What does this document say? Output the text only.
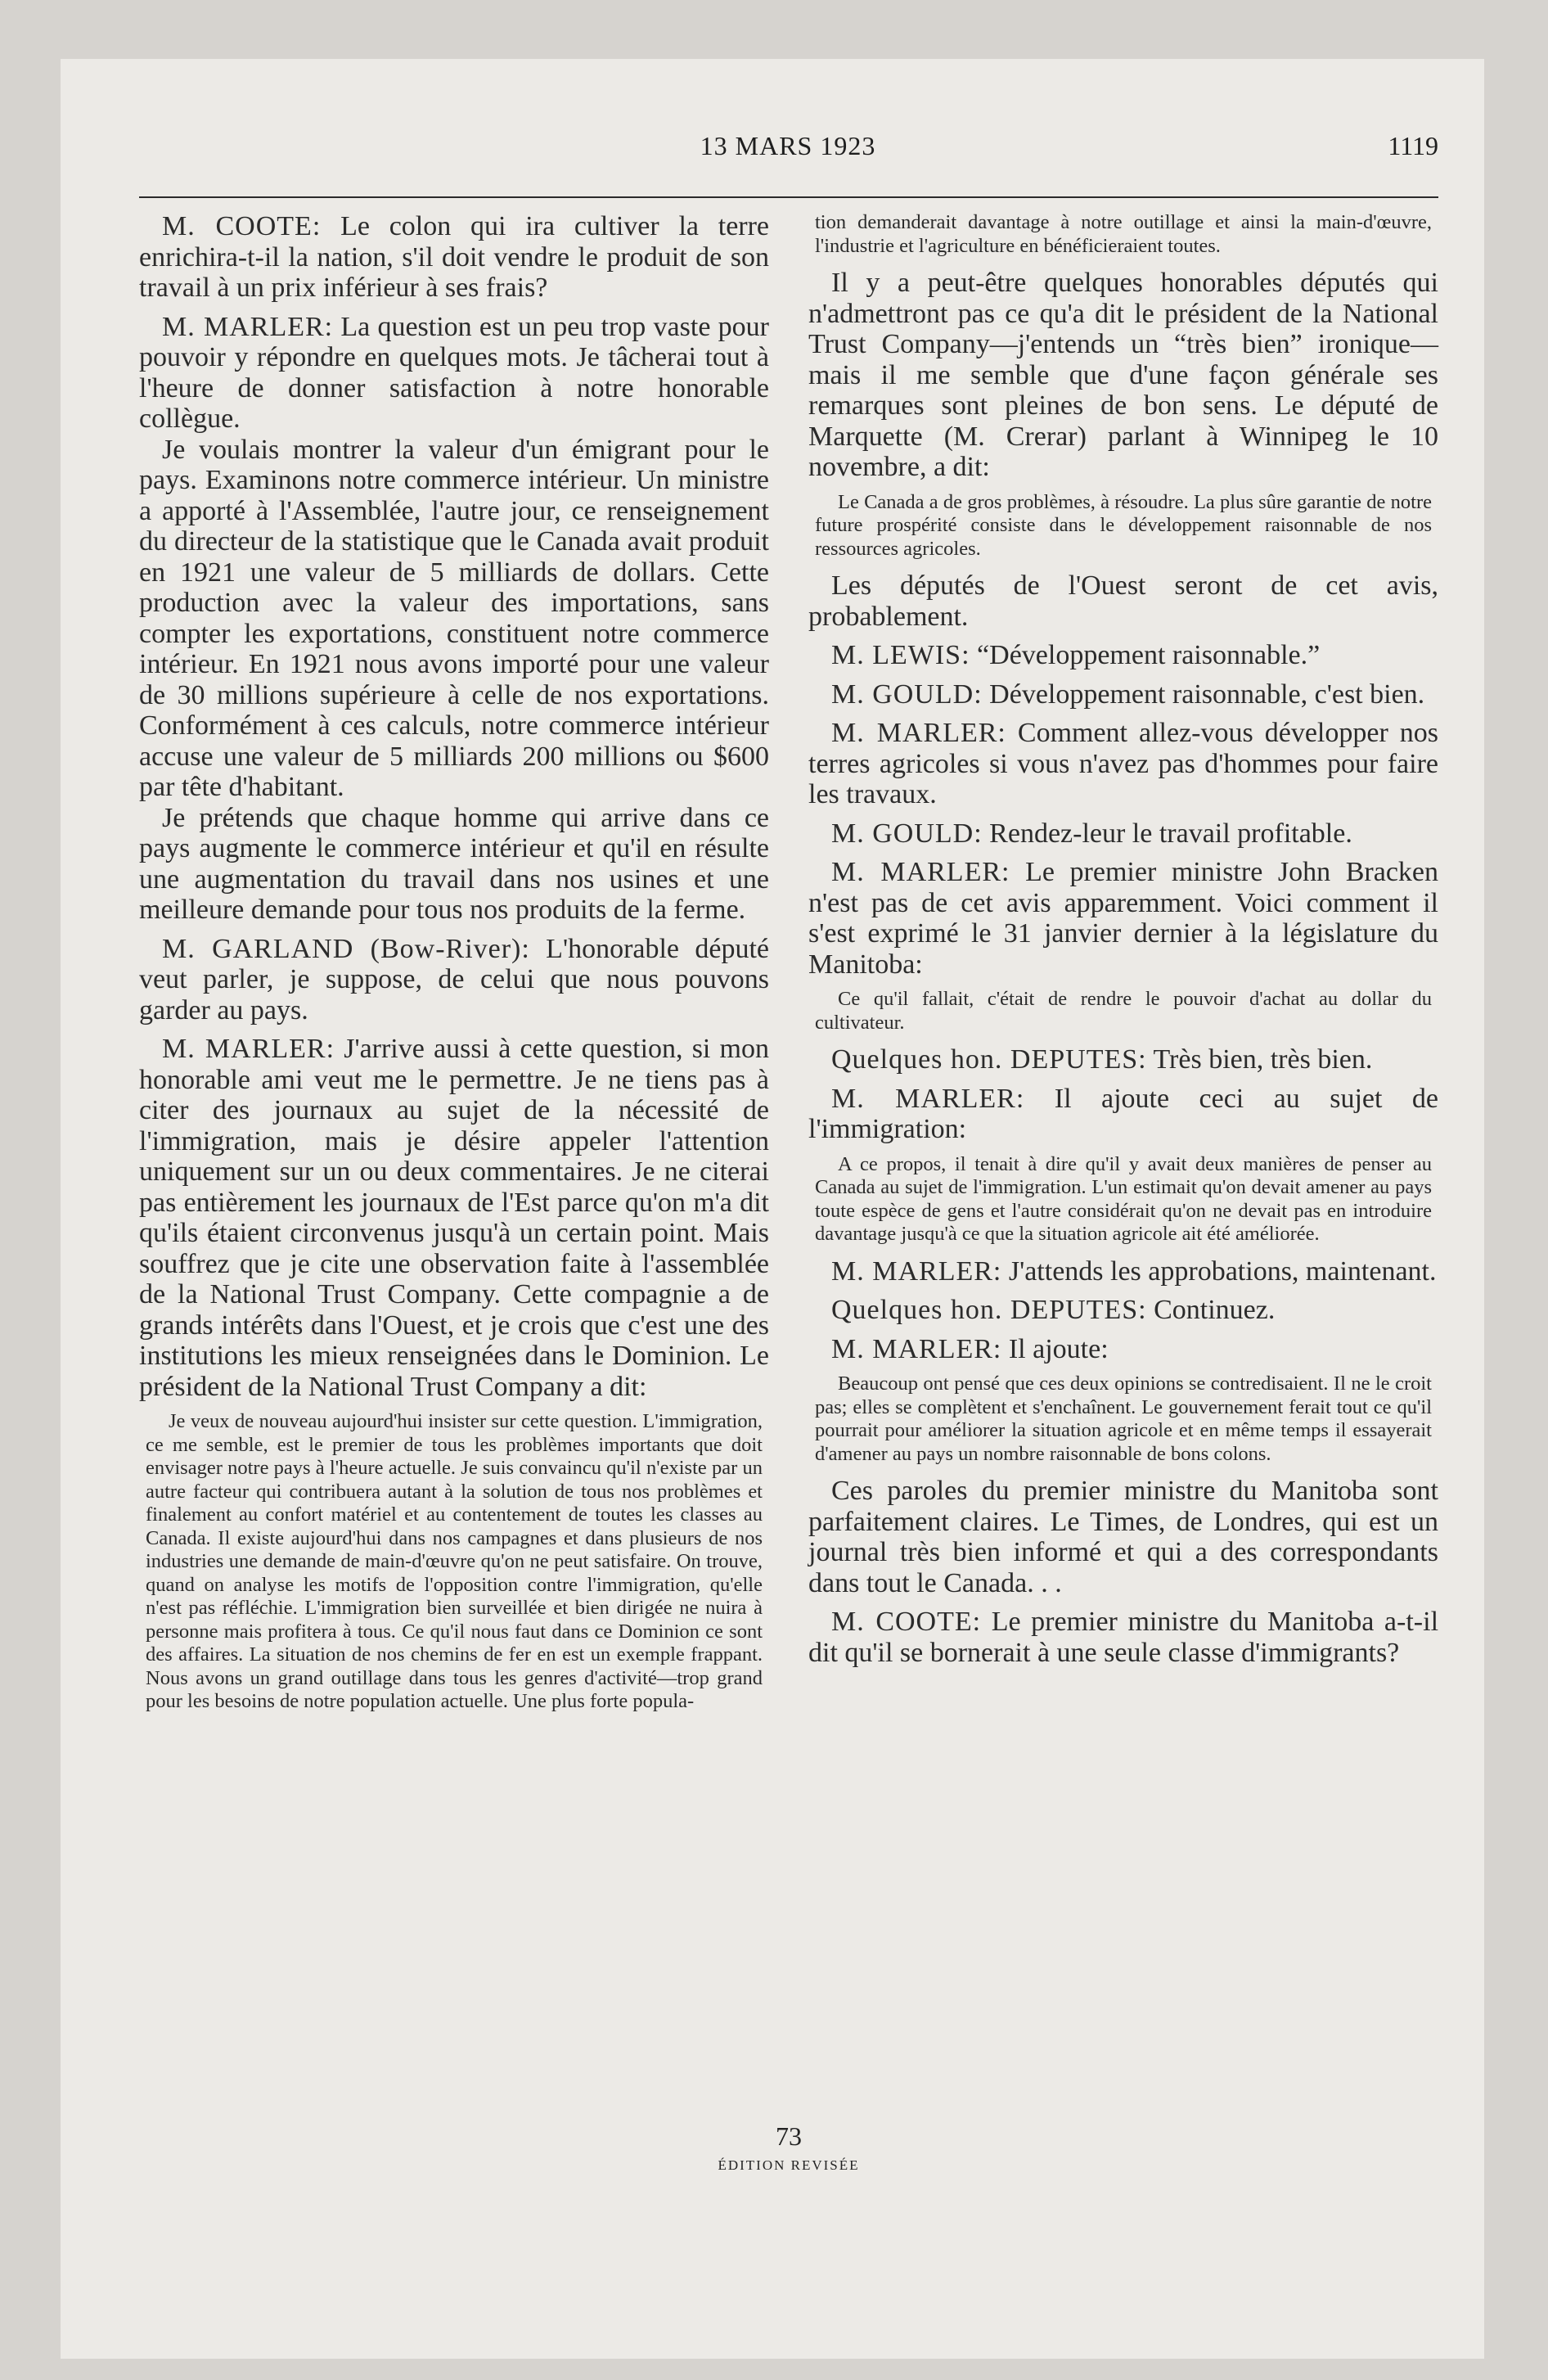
13 MARS 1923	1119

M. COOTE: Le colon qui ira cultiver la terre enrichira-t-il la nation, s'il doit vendre le produit de son travail à un prix inférieur à ses frais?

M. MARLER: La question est un peu trop vaste pour pouvoir y répondre en quelques mots. Je tâcherai tout à l'heure de donner satisfaction à notre honorable collègue.

Je voulais montrer la valeur d'un émigrant pour le pays. Examinons notre commerce intérieur. Un ministre a apporté à l'Assemblée, l'autre jour, ce renseignement du directeur de la statistique que le Canada avait produit en 1921 une valeur de 5 milliards de dollars. Cette production avec la valeur des importations, sans compter les exportations, constituent notre commerce intérieur. En 1921 nous avons importé pour une valeur de 30 millions supérieure à celle de nos exportations. Conformément à ces calculs, notre commerce intérieur accuse une valeur de 5 milliards 200 millions ou $600 par tête d'habitant.

Je prétends que chaque homme qui arrive dans ce pays augmente le commerce intérieur et qu'il en résulte une augmentation du travail dans nos usines et une meilleure demande pour tous nos produits de la ferme.

M. GARLAND (Bow-River): L'honorable député veut parler, je suppose, de celui que nous pouvons garder au pays.

M. MARLER: J'arrive aussi à cette question, si mon honorable ami veut me le permettre. Je ne tiens pas à citer des journaux au sujet de la nécessité de l'immigration, mais je désire appeler l'attention uniquement sur un ou deux commentaires. Je ne citerai pas entièrement les journaux de l'Est parce qu'on m'a dit qu'ils étaient circonvenus jusqu'à un certain point. Mais souffrez que je cite une observation faite à l'assemblée de la National Trust Company. Cette compagnie a de grands intérêts dans l'Ouest, et je crois que c'est une des institutions les mieux renseignées dans le Dominion. Le président de la National Trust Company a dit:

Je veux de nouveau aujourd'hui insister sur cette question. L'immigration, ce me semble, est le premier de tous les problèmes importants que doit envisager notre pays à l'heure actuelle. Je suis convaincu qu'il n'existe par un autre facteur qui contribuera autant à la solution de tous nos problèmes et finalement au confort matériel et au contentement de toutes les classes au Canada. Il existe aujourd'hui dans nos campagnes et dans plusieurs de nos industries une demande de main-d'œuvre qu'on ne peut satisfaire. On trouve, quand on analyse les motifs de l'opposition contre l'immigration, qu'elle n'est pas réfléchie. L'immigration bien surveillée et bien dirigée ne nuira à personne mais profitera à tous. Ce qu'il nous faut dans ce Dominion ce sont des affaires. La situation de nos chemins de fer en est un exemple frappant. Nous avons un grand outillage dans tous les genres d'activité—trop grand pour les besoins de notre population actuelle. Une plus forte popula-

tion demanderait davantage à notre outillage et ainsi la main-d'œuvre, l'industrie et l'agriculture en bénéficieraient toutes.

Il y a peut-être quelques honorables députés qui n'admettront pas ce qu'a dit le président de la National Trust Company—j'entends un “très bien” ironique—mais il me semble que d'une façon générale ses remarques sont pleines de bon sens. Le député de Marquette (M. Crerar) parlant à Winnipeg le 10 novembre, a dit:

Le Canada a de gros problèmes, à résoudre. La plus sûre garantie de notre future prospérité consiste dans le développement raisonnable de nos ressources agricoles.

Les députés de l'Ouest seront de cet avis, probablement.

M. LEWIS: “Développement raisonnable.”

M. GOULD: Développement raisonnable, c'est bien.

M. MARLER: Comment allez-vous développer nos terres agricoles si vous n'avez pas d'hommes pour faire les travaux.

M. GOULD: Rendez-leur le travail profitable.

M. MARLER: Le premier ministre John Bracken n'est pas de cet avis apparemment. Voici comment il s'est exprimé le 31 janvier dernier à la législature du Manitoba:

Ce qu'il fallait, c'était de rendre le pouvoir d'achat au dollar du cultivateur.

Quelques hon. DEPUTES: Très bien, très bien.

M. MARLER: Il ajoute ceci au sujet de l'immigration:

A ce propos, il tenait à dire qu'il y avait deux manières de penser au Canada au sujet de l'immigration. L'un estimait qu'on devait amener au pays toute espèce de gens et l'autre considérait qu'on ne devait pas en introduire davantage jusqu'à ce que la situation agricole ait été améliorée.

M. MARLER: J'attends les approbations, maintenant.

Quelques hon. DEPUTES: Continuez.

M. MARLER: Il ajoute:

Beaucoup ont pensé que ces deux opinions se contredisaient. Il ne le croit pas; elles se complètent et s'enchaînent. Le gouvernement ferait tout ce qu'il pourrait pour améliorer la situation agricole et en même temps il essayerait d'amener au pays un nombre raisonnable de bons colons.

Ces paroles du premier ministre du Manitoba sont parfaitement claires. Le Times, de Londres, qui est un journal très bien informé et qui a des correspondants dans tout le Canada. . .

M. COOTE: Le premier ministre du Manitoba a-t-il dit qu'il se bornerait à une seule classe d'immigrants?

73
ÉDITION REVISÉE
